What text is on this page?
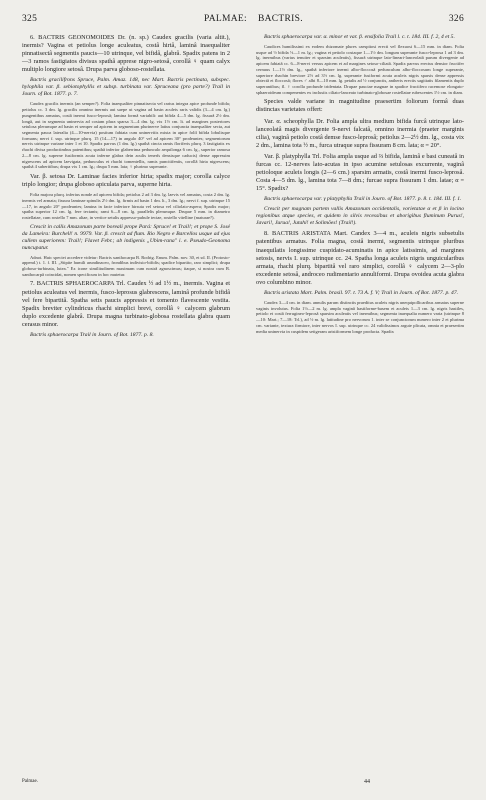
325	PALMAE: BACTRIS.	326

6. BACTRIS GEONOMOIDES Dr. (n. sp.) Caudex gracilis (varia altit.), inermis? Vagina et petiolus longe aculeatus, costâ hirtâ, laminâ inaequaliter pinnatisectâ segmentis paucis—10 utrinque, vel bifidâ, glabrâ. Spadix patens in 2—3 ramos fastigiatos divisus spathâ apprese nigro-setosâ, corollâ ♀ quam calyx multiplo longiore setosâ. Drupa parva globoso-rostellata.

Bactris gracilifrons Spruce, Palm. Amaz. 148, nec Mart. Bactris pectinata, subspec. hylophila var. β. sebiotophyllis et subsp. turbinata var. Spruceana (pro parte?) Trail in Journ. of Bot. 1877. p. 7.

Caudex gracilis inermis (an semper?). Folia inaequaliter pinnatisecta vel rarius integra apice profunde bifida; petiolus cc. 3 dm. lg. gracilis omnino inermis aut saepe ut vagina ad basin aculeis raris validis (3—4 cm. lg.) pungentibus armatus, costâ inermi fusco-leprosâ; lamina formâ variabili: aut bifida 4—5 dm. lg. fissurâ 2½ dm. longâ, aut in segmenta uninervia ad costam plura sparsa 3—4 dm. lg. vix 1½ cm. lt. ad margines posteriores setulosa plerumque ad basin et semper ad apicem in segmentum plurinerve latius conjuncta inaequaliter secta, aut segmenta pauca lateralia (4—10-nervia) positum fabiata cum uninerviiis mixta in apice foliî bifida lobulisque formans; nervi f. sup. utrinque plurq. 15 (14—17) in angulo 40° vel ad apicem 30° prodeuntes; segmentorum nervis utrinque variane inter 1 et 10. Spadix parvus (1 dm. lg.) spathâ cincta ramis floriferis plurq. 3 fastigiatis ex rhachi divisa productimbus patentibus; spathâ inferior glaberrima pedunculo aequilonga 6 cm. lg., superior ramosa 2—8 cm. lg. superne fusiformis acuta inferne glabra dein aculis tenerîs densisque caducis) dense appressim nigrescens ad apicem laevigata, pedunculus et rhachi tomentellis, ramis puncitifeniis, corollâ hirta nigrescens; spathâ 4 suberitibus; drupa vix 1 cm. lg.; drupa 5 mm. lata; ♀ plurimo superante.

Var. β. setosa Dr. Laminae facies inferior hirta; spadix major; corolla calyce triplo longior; drupa globoso apiculata parva, superne hirta.

Folia majora plurq. inferius nonde ad apicem bifida; petiolus 2 ad 3 dm. lg. laevis vel armatus, costa 2 dm. lg. inermis vel armata; fissura laminae spinulis 2½ dm. lg. firmis ad basin 1 dm. lt., 3 dm. lg.; nervi f. sup. utrinque 15—17, in angulo 20° prodeuntes; lamina in facie inferiore hirsuta vel setosa vel ciliolato-aspera; Spadix major; spatha superior 12 cm. lg. fere tectanis; rami 6—8 cm. lg. parallelis plerumque. Drupae 5 mm. in diametro rostellatae, cum rostello 7 mm. altae, in vertice setulis appresso-pubule tectae, rostello vitelline (maturae?).

Crescit in callis Amazonum parte boreali prope Pará: Spruce! et Trail!; et prope S. José da Lameira: Burchell! n. 9979. Var. β. crescit ad flum. Rio Negro e Barcellos usque ad ejus cullem superiorem: Trail!; Flavet Febr.; ab indigenis „Ubim-rana" i. e. Pseudo-Geonoma nuncupatur.

Adnot. Huic speciei accedere videtur: Bactris xanthocarpa B. Rodrig. Enum. Palm. nov. 30, et sd. II. (Protosto-append.) t. 1. f. III. „Stipite humili arundinaceo, frondibus indivisio-bifidis; spadice bipartito, raro simplici; drupa globoso-turbinata, lutea." Ex icone similitudinem maximam cum nostrâ agnoscimus; itaque, si nostra cum B. xanthocarpâ coincidat, nomen specificum in hoc mutetur.

7. BACTRIS SPHAEROCARPA Trl. Caudex ½ ad 1½ m., inermis. Vagina et petiolus aculeatus vel inermis, fusco-leprosus glabrescens, laminâ profunde bifidâ vel fere bipartitâ. Spatha setis paucis appressis et tomento flavescente vestita. Spadix breviter cylindricus rhachi simplici brevi, corollâ ♀ calycem glabrum duplo excedente glabrâ. Drupa magna turbinato-globosa rostellata glabra quam cerasus minor.

Bactris sphaerocarpa Trail in Journ. of Bot. 1877. p. 8.

Bactris sphaerocarpa var. α. minor et var. β. ensifolia Trail l. c. t. 184. III. f. 2, 4 et 5.

Caudices humilissimi ex eodem rhizomate plures caespitosi erecti vel flexuosi 6—15 mm. in diam. Folia usque ad ½ bifida ½—1 m. lg.; vagina et petiolo costaque 1—1½ dm. longum superante fusco-leprosa 1 ad 3 dm. lg. inermibus (varius tenuiter et sparsim aculeatis), fissurâ utrinque lato-lineari-lanceolatâ parum divergente ad apicem fabiatâ cc. 6—8-nervi versus apicem et ad margines setoso-ciliatâ. Spadix parvus erectus densior fructifer cernuus 1—1½ dm. lg., spathâ inferiore inermi albo-floccosâ pedunculum albo-floccosum longe superante, superiore rhachin breviore 2½ ad 3½ cm. lg. superante fusiformi acuta aculeis nigris sparsis dense appressis obtectâ et floccosâ; flores ♂ albi 8—10 mm. lg. petalis ad ½ conjunctis, antheris erectis sagittatis filamentis duplo superantibus; fl. ♀ corolla profunde tridentata. Drupae pauciae magnae in spadice fructifero racemose elongato-sphaeroideum compenentes ex inclusiis ciliato-lanceato turbinato-globosae rostellatae rubescentes 1½ cm. in diam.

Species valde variane in magnitudine praesertim foliorum formâ duas distinctas varietates offert:

Var. α. scheophylla Dr. Folia ampla ultra medium bifida furcâ utrinque lato-lanceolatâ magis divergente 9-nervi falcatâ, omnino inermia (praeter marginis cilia), vaginâ petiolo costâ demse fusco-leprosâ; petiolus 2—2½ dm. lg., costa vix 2 dm., lamina tota ½ m., furca utraque supra fissuram 8 cm. lata; α = 20°.

Var. β. platyphylla Trl. Folia ampla usque ad ⅔ bifida, laminâ e basi cuneatâ in furcas cc. 12-nerves lato-acutas in ipso acumine setulosas excurrente, vaginâ petioloque aculeis longis (2—6 cm.) sparsim armatis, costâ inermi fusco-leprosâ. Costa 4—5 dm. lg., lamina tota 7—8 dm.; furcae supra fissuram 1 dm. latae; α = 15°. Spadix?

Bactris sphaerocarpa var. γ platyphylla Trail in Journ. of Bot. 1877. p. 8. t. 184. III. f. 1.

Crescit per magnam partem vallis Amazonum occidentalis, vorietatae α et β in locino regionibus atque species, et quidem in silvis recessibus et aborigibus fluminum Purus!, Javari!, Jurua!, Jutahi! et Solimões! (Trail!).

8. BACTRIS ARISTATA Mart. Candex 3—4 m., aculeis nigris subsetulis patentibus armatus. Folia magna, costâ inermi, segmentis utrinque pluribus inaequilatis longissime cuspidato-acuminatis in apice latissimis, ad margines setosis, nervis I. sup. utrinque cc. 24. Spatha longa aculeis nigris unguicularibus armata, rhachi plurq. bipartitâ vel raro simplici, corollâ ♀ calycem 2—3-plo excedente setosâ, androceo rudimentario annuliformi. Drupa ovoidea acuta glabra ovo columbino minor.

Bactris aristata Mart. Palm. brasil. 97. t. 73 A. f. V; Trail in Journ. of Bot. 1877. p. 47.

Caudex 3—4 cm. in diam. annulis parum distinctis praeditus aculeis nigris unequipollicaribus armatus superne vaginis involutus. Folia 1½—2 m. lg. ampla vaginâ hastiforme-basem et aculeis 1—3 cm. lg. nigris hastiles, petiolo et costâ ferrugineo-leprosâ sparsim aculeatis vel inermibus; segmenta inaequalia numero varia (utrinque 8—10: Mart.; 7—18: Trl.), ad ½ m. lg. latitudine pro nervorum 1. inter se conjunctorum numero inter 2 et plurima cm. variante, textura firmiore, inter nervos I. sup. utrinque cc. 24 validissimos argute plicata, omnia et praesertim media uninervia in cuspidem setigeram aristiformem longe producta. Spadix

Palmae.	44
